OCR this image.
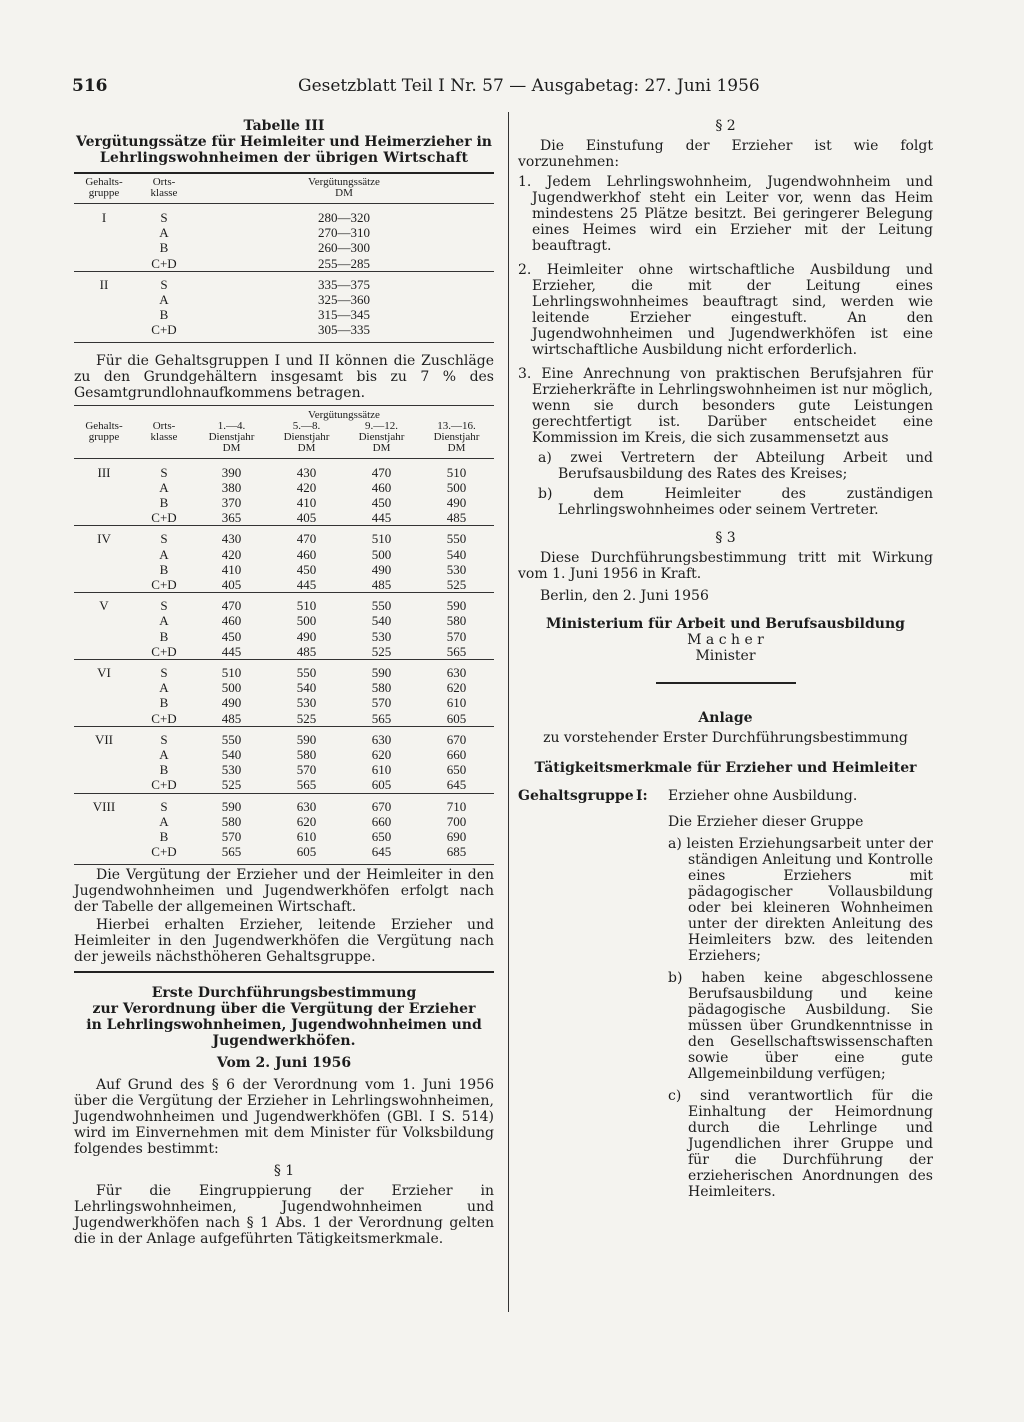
516	Gesetzblatt Teil I Nr. 57 — Ausgabetag: 27. Juni 1956
Tabelle III
Vergütungssätze für Heimleiter und Heimerzieher in
Lehrlingswohnheimen der übrigen Wirtschaft
Gehalts-
gruppe	Orts-
klasse	Vergütungssätze
DM
I	S	280—320
	A	270—310
	B	260—300
	C+D	255—285
II	S	335—375
	A	325—360
	B	315—345
	C+D	305—335
Für die Gehaltsgruppen I und II können die Zuschläge zu den Grundgehältern insgesamt bis zu 7 % des Gesamtgrundlohnaufkommens betragen.
		Vergütungssätze			
Gehalts-
gruppe	Orts-
klasse	1.—4.
Dienstjahr
DM	5.—8.
Dienstjahr
DM	9.—12.
Dienstjahr
DM	13.—16.
Dienstjahr
DM
III	S	390	430	470	510
	A	380	420	460	500
	B	370	410	450	490
	C+D	365	405	445	485
IV	S	430	470	510	550
	A	420	460	500	540
	B	410	450	490	530
	C+D	405	445	485	525
V	S	470	510	550	590
	A	460	500	540	580
	B	450	490	530	570
	C+D	445	485	525	565
VI	S	510	550	590	630
	A	500	540	580	620
	B	490	530	570	610
	C+D	485	525	565	605
VII	S	550	590	630	670
	A	540	580	620	660
	B	530	570	610	650
	C+D	525	565	605	645
VIII	S	590	630	670	710
	A	580	620	660	700
	B	570	610	650	690
	C+D	565	605	645	685
Die Vergütung der Erzieher und der Heimleiter in den Jugendwohnheimen und Jugendwerkhöfen erfolgt nach der Tabelle der allgemeinen Wirtschaft.
Hierbei erhalten Erzieher, leitende Erzieher und Heimleiter in den Jugendwerkhöfen die Vergütung nach der jeweils nächsthöheren Gehaltsgruppe.
Erste Durchführungsbestimmung
zur Verordnung über die Vergütung der Erzieher
in Lehrlingswohnheimen, Jugendwohnheimen und
Jugendwerkhöfen.
Vom 2. Juni 1956
Auf Grund des § 6 der Verordnung vom 1. Juni 1956 über die Vergütung der Erzieher in Lehrlingswohnheimen, Jugendwohnheimen und Jugendwerkhöfen (GBl. I S. 514) wird im Einvernehmen mit dem Minister für Volksbildung folgendes bestimmt:
§ 1
Für die Eingruppierung der Erzieher in Lehrlingswohnheimen, Jugendwohnheimen und Jugendwerkhöfen nach § 1 Abs. 1 der Verordnung gelten die in der Anlage aufgeführten Tätigkeitsmerkmale.
§ 2
Die Einstufung der Erzieher ist wie folgt vorzunehmen:
1. Jedem Lehrlingswohnheim, Jugendwohnheim und Jugendwerkhof steht ein Leiter vor, wenn das Heim mindestens 25 Plätze besitzt. Bei geringerer Belegung eines Heimes wird ein Erzieher mit der Leitung beauftragt.
2. Heimleiter ohne wirtschaftliche Ausbildung und Erzieher, die mit der Leitung eines Lehrlingswohnheimes beauftragt sind, werden wie leitende Erzieher eingestuft. An den Jugendwohnheimen und Jugendwerkhöfen ist eine wirtschaftliche Ausbildung nicht erforderlich.
3. Eine Anrechnung von praktischen Berufsjahren für Erzieherkräfte in Lehrlingswohnheimen ist nur möglich, wenn sie durch besonders gute Leistungen gerechtfertigt ist. Darüber entscheidet eine Kommission im Kreis, die sich zusammensetzt aus
a) zwei Vertretern der Abteilung Arbeit und Berufsausbildung des Rates des Kreises;
b) dem Heimleiter des zuständigen Lehrlingswohnheimes oder seinem Vertreter.
§ 3
Diese Durchführungsbestimmung tritt mit Wirkung vom 1. Juni 1956 in Kraft.
Berlin, den 2. Juni 1956
Ministerium für Arbeit und Berufsausbildung
M a c h e r
Minister
Anlage
zu vorstehender Erster Durchführungsbestimmung
Tätigkeitsmerkmale für Erzieher und Heimleiter
Gehaltsgruppe I: Erzieher ohne Ausbildung.
Die Erzieher dieser Gruppe
a) leisten Erziehungsarbeit unter der ständigen Anleitung und Kontrolle eines Erziehers mit pädagogischer Vollausbildung oder bei kleineren Wohnheimen unter der direkten Anleitung des Heimleiters bzw. des leitenden Erziehers;
b) haben keine abgeschlossene Berufsausbildung und keine pädagogische Ausbildung. Sie müssen über Grundkenntnisse in den Gesellschaftswissenschaften sowie über eine gute Allgemeinbildung verfügen;
c) sind verantwortlich für die Einhaltung der Heimordnung durch die Lehrlinge und Jugendlichen ihrer Gruppe und für die Durchführung der erzieherischen Anordnungen des Heimleiters.
